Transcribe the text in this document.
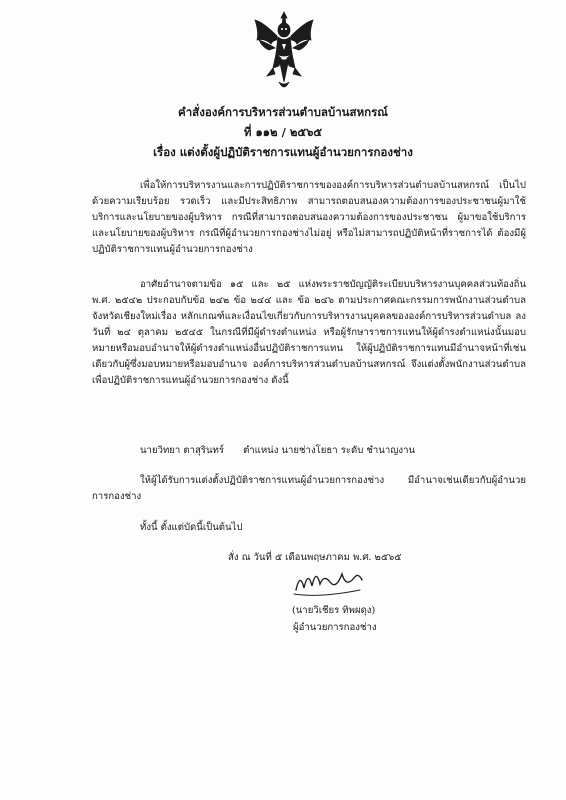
คำสั่งองค์การบริหารส่วนตำบลบ้านสหกรณ์
ที่ ๑๑๒ / ๒๕๖๕
เรื่อง แต่งตั้งผู้ปฏิบัติราชการแทนผู้อำนวยการกองช่าง
เพื่อให้การบริหารงานและการปฏิบัติราชการขององค์การบริหารส่วนตำบลบ้านสหกรณ์ เป็นไปด้วยความเรียบร้อย รวดเร็ว และมีประสิทธิภาพ สามารถตอบสนองความต้องการของประชาชนผู้มาใช้บริการและนโยบายของผู้บริหาร กรณีที่สามารถตอบสนองความต้องการของประชาชน ผู้มาขอใช้บริการ และนโยบายของผู้บริหาร กรณีที่ผู้อำนวยการกองช่างไม่อยู่ หรือไม่สามารถปฏิบัติหน้าที่ราชการได้ ต้องมีผู้ปฏิบัติราชการแทนผู้อำนวยการกองช่าง
อาศัยอำนาจตามข้อ ๑๕ และ ๒๕ แห่งพระราชบัญญัติระเบียบบริหารงานบุคคลส่วนท้องถิ่น พ.ศ. ๒๕๔๒ ประกอบกับข้อ ๒๔๒ ข้อ ๒๔๔ และ ข้อ ๒๔๖ ตามประกาศคณะกรรมการพนักงานส่วนตำบลจังหวัดเชียงใหม่เรื่อง หลักเกณฑ์และเงื่อนไขเกี่ยวกับการบริหารงานบุคคลขององค์การบริหารส่วนตำบล ลงวันที่ ๒๔ ตุลาคม ๒๕๔๕ ในกรณีที่มีผู้ดำรงตำแหน่ง หรือผู้รักษาราชการแทนให้ผู้ดำรงตำแหน่งนั้นมอบหมายหรือมอบอำนาจให้ผู้ดำรงตำแหน่งอื่นปฏิบัติราชการแทน ให้ผู้ปฏิบัติราชการแทนมีอำนาจหน้าที่เช่นเดียวกับผู้ซึ่งมอบหมายหรือมอบอำนาจ องค์การบริหารส่วนตำบลบ้านสหกรณ์ จึงแต่งตั้งพนักงานส่วนตำบล เพื่อปฏิบัติราชการแทนผู้อำนวยการกองช่าง ดังนี้
นายวิทยา ตาสุรินทร์ ตำแหน่ง นายช่างโยธา ระดับ ชำนาญงาน
ให้ผู้ได้รับการแต่งตั้งปฏิบัติราชการแทนผู้อำนวยการกองช่าง มีอำนาจเช่นเดียวกับผู้อำนวยการกองช่าง
ทั้งนี้ ตั้งแต่บัดนี้เป็นต้นไป
สั่ง ณ วันที่ ๕ เดือนพฤษภาคม พ.ศ. ๒๕๖๕
(นายวิเชียร ทิพผดุง)
ผู้อำนวยการกองช่าง
